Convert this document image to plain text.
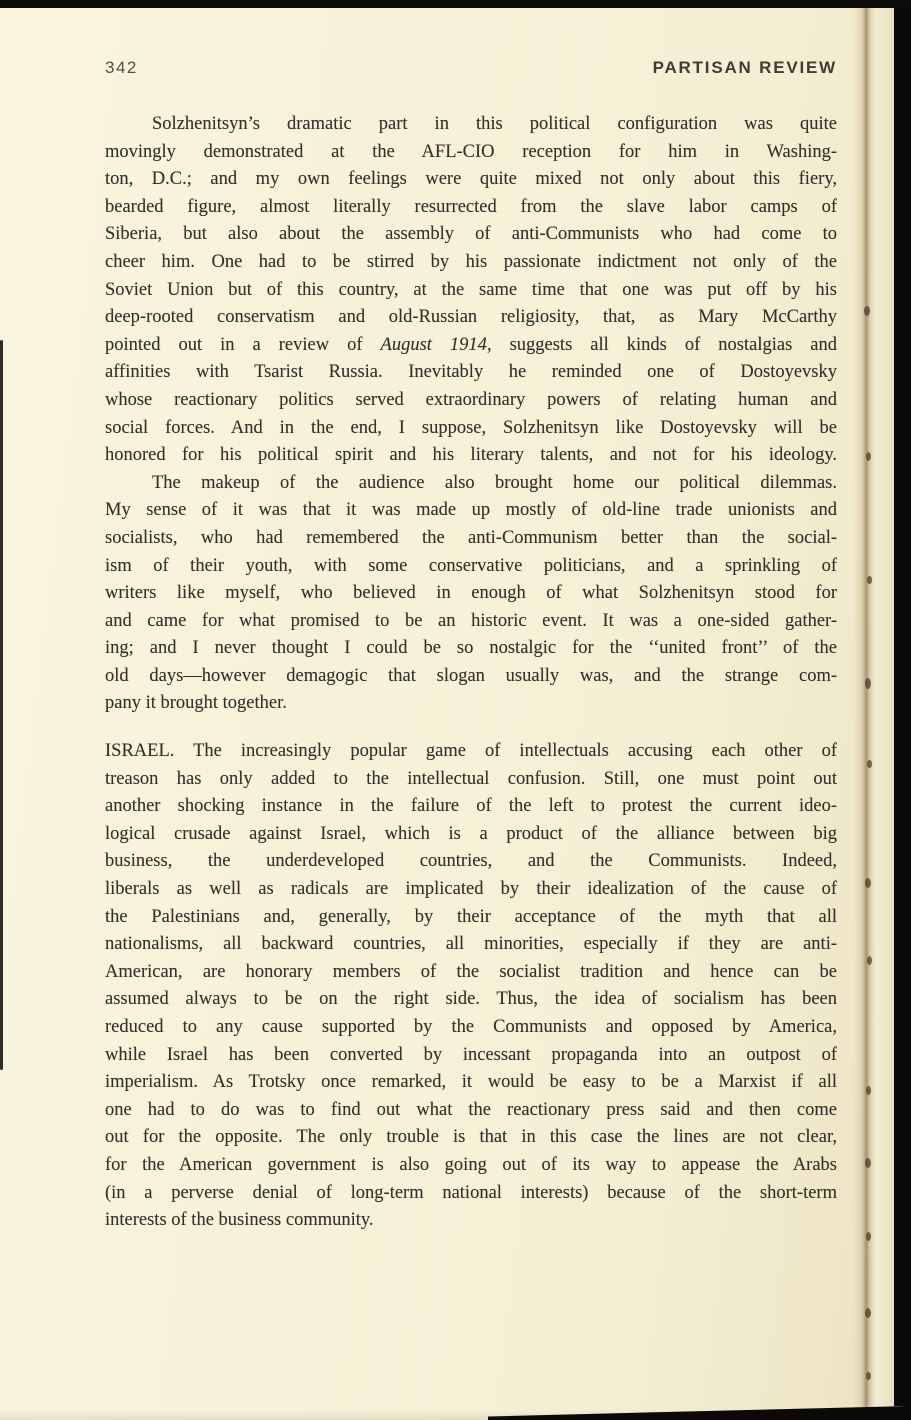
342	PARTISAN REVIEW
Solzhenitsyn’s dramatic part in this political configuration was quite
movingly demonstrated at the AFL-CIO reception for him in Washing-
ton, D.C.; and my own feelings were quite mixed not only about this fiery,
bearded figure, almost literally resurrected from the slave labor camps of
Siberia, but also about the assembly of anti-Communists who had come to
cheer him. One had to be stirred by his passionate indictment not only of the
Soviet Union but of this country, at the same time that one was put off by his
deep-rooted conservatism and old-Russian religiosity, that, as Mary McCarthy
pointed out in a review of August 1914, suggests all kinds of nostalgias and
affinities with Tsarist Russia. Inevitably he reminded one of Dostoyevsky
whose reactionary politics served extraordinary powers of relating human and
social forces. And in the end, I suppose, Solzhenitsyn like Dostoyevsky will be
honored for his political spirit and his literary talents, and not for his ideology.
The makeup of the audience also brought home our political dilemmas.
My sense of it was that it was made up mostly of old-line trade unionists and
socialists, who had remembered the anti-Communism better than the social-
ism of their youth, with some conservative politicians, and a sprinkling of
writers like myself, who believed in enough of what Solzhenitsyn stood for
and came for what promised to be an historic event. It was a one-sided gather-
ing; and I never thought I could be so nostalgic for the ‘‘united front’’ of the
old days—however demagogic that slogan usually was, and the strange com-
pany it brought together.
ISRAEL. The increasingly popular game of intellectuals accusing each other of
treason has only added to the intellectual confusion. Still, one must point out
another shocking instance in the failure of the left to protest the current ideo-
logical crusade against Israel, which is a product of the alliance between big
business, the underdeveloped countries, and the Communists. Indeed,
liberals as well as radicals are implicated by their idealization of the cause of
the Palestinians and, generally, by their acceptance of the myth that all
nationalisms, all backward countries, all minorities, especially if they are anti-
American, are honorary members of the socialist tradition and hence can be
assumed always to be on the right side. Thus, the idea of socialism has been
reduced to any cause supported by the Communists and opposed by America,
while Israel has been converted by incessant propaganda into an outpost of
imperialism. As Trotsky once remarked, it would be easy to be a Marxist if all
one had to do was to find out what the reactionary press said and then come
out for the opposite. The only trouble is that in this case the lines are not clear,
for the American government is also going out of its way to appease the Arabs
(in a perverse denial of long-term national interests) because of the short-term
interests of the business community.
